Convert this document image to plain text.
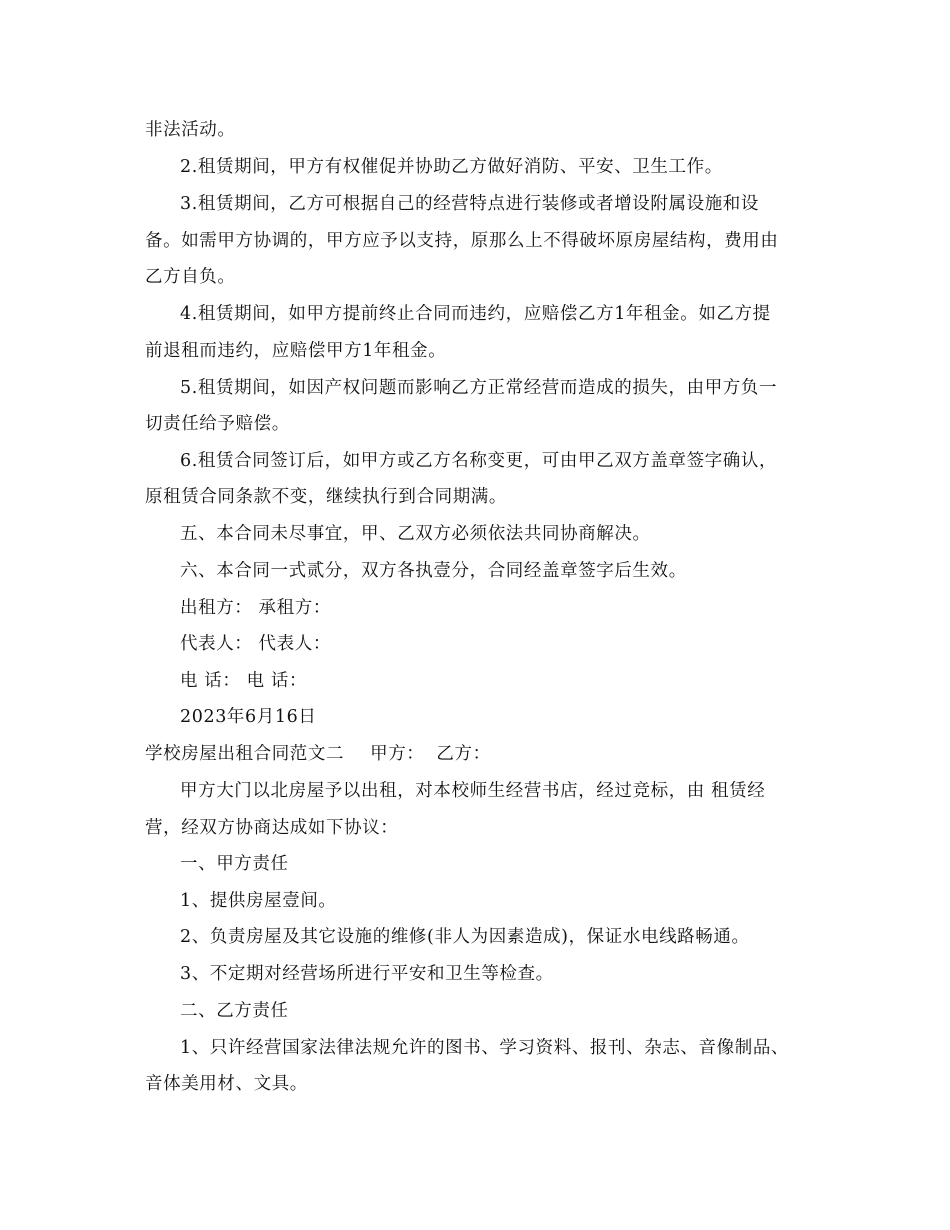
非法活动。
2.租赁期间，甲方有权催促并协助乙方做好消防、平安、卫生工作。
3.租赁期间，乙方可根据自己的经营特点进行装修或者增设附属设施和设
备。如需甲方协调的，甲方应予以支持，原那么上不得破坏原房屋结构，费用由
乙方自负。
4.租赁期间，如甲方提前终止合同而违约，应赔偿乙方1年租金。如乙方提
前退租而违约，应赔偿甲方1年租金。
5.租赁期间，如因产权问题而影响乙方正常经营而造成的损失，由甲方负一
切责任给予赔偿。
6.租赁合同签订后，如甲方或乙方名称变更，可由甲乙双方盖章签字确认，
原租赁合同条款不变，继续执行到合同期满。
五、本合同未尽事宜，甲、乙双方必须依法共同协商解决。
六、本合同一式贰分，双方各执壹分，合同经盖章签字后生效。
出租方： 承租方：
代表人： 代表人：
电 话： 电 话：
2023年6月16日
学校房屋出租合同范文二 甲方： 乙方：
甲方大门以北房屋予以出租，对本校师生经营书店，经过竞标，由 租赁经
营，经双方协商达成如下协议：
一、甲方责任
1、提供房屋壹间。
2、负责房屋及其它设施的维修(非人为因素造成)，保证水电线路畅通。
3、不定期对经营场所进行平安和卫生等检查。
二、乙方责任
1、只许经营国家法律法规允许的图书、学习资料、报刊、杂志、音像制品、
音体美用材、文具。
